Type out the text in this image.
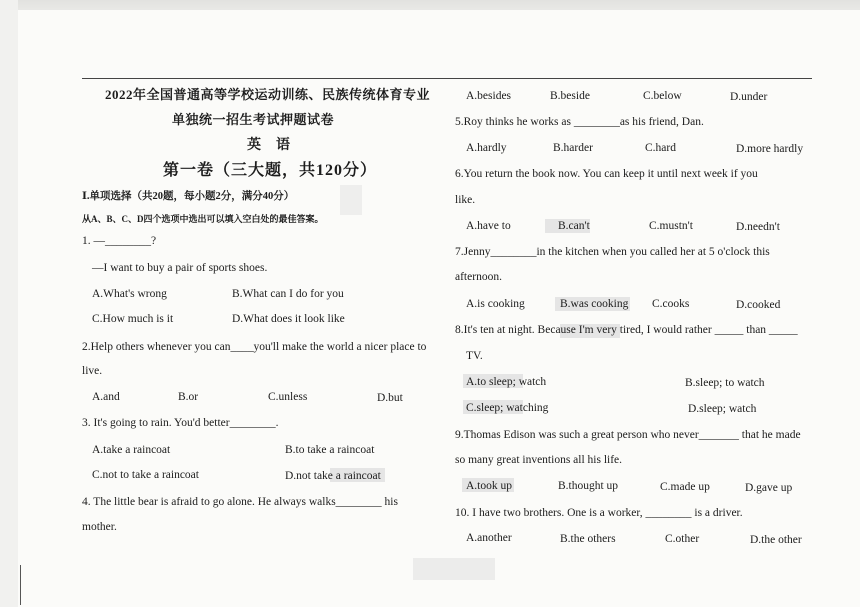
2022年全国普通高等学校运动训练、民族传统体育专业
单独统一招生考试押题试卷
英　语
第一卷（三大题，共120分）
Ⅰ.单项选择（共20题，每小题2分，满分40分）
从A、B、C、D四个选项中选出可以填入空白处的最佳答案。
1. —________?
—I want to buy a pair of sports shoes.
A.What's wrong	B.What can I do for you
C.How much is it	D.What does it look like
2.Help others whenever you can____you'll make the world a nicer place to
live.
A.and	B.or	C.unless	D.but
3. It's going to rain. You'd better________.
A.take a raincoat	B.to take a raincoat
C.not to take a raincoat	D.not take a raincoat
4. The little bear is afraid to go alone. He always walks________ his
mother.
A.besides	B.beside	C.below	D.under
5.Roy thinks he works as ________as his friend, Dan.
A.hardly	B.harder	C.hard	D.more hardly
6.You return the book now. You can keep it until next week if you
like.
A.have to	B.can't	C.mustn't	D.needn't
7.Jenny________in the kitchen when you called her at 5 o'clock this
afternoon.
A.is cooking	B.was cooking C.cooks	D.cooked
8.It's ten at night. Because I'm very tired, I would rather _____ than _____
TV.
A.to sleep; watch	B.sleep; to watch
C.sleep; watching	D.sleep; watch
9.Thomas Edison was such a great person who never_______ that he made
so many great inventions all his life.
A.took up	B.thought up	C.made up	D.gave up
10. I have two brothers. One is a worker, ________ is a driver.
A.another	B.the others	C.other	D.the other
